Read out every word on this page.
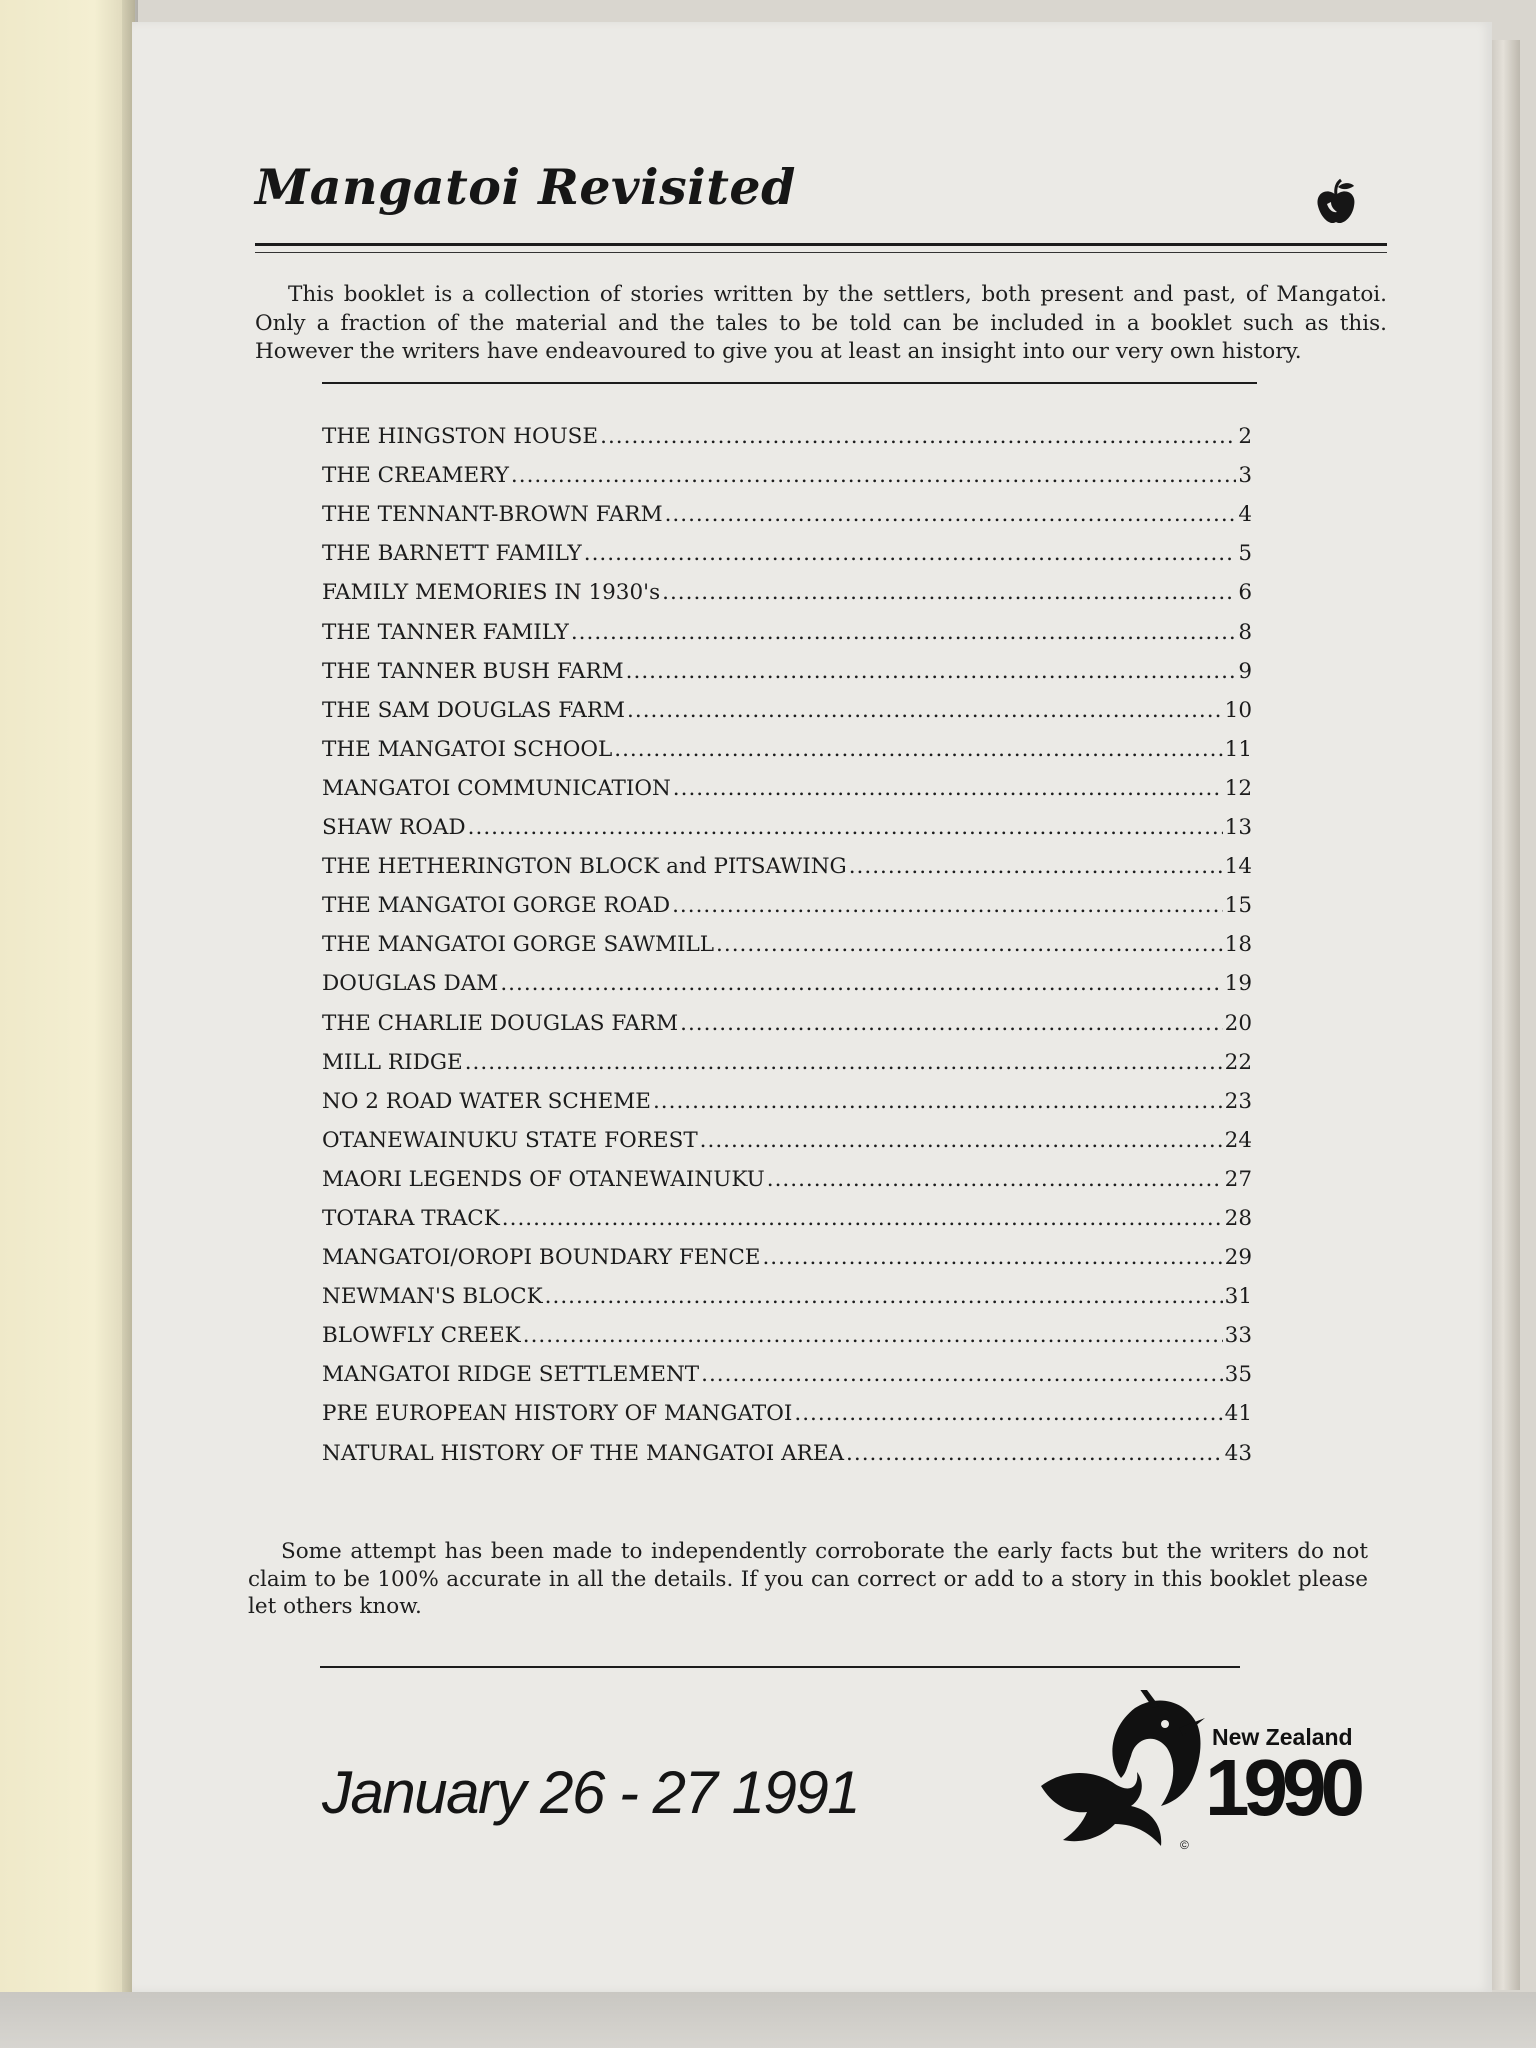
Mangatoi Revisited

This booklet is a collection of stories written by the settlers, both present and past, of Mangatoi. Only a fraction of the material and the tales to be told can be included in a booklet such as this. However the writers have endeavoured to give you at least an insight into our very own history.

THE HINGSTON HOUSE .....	2
THE CREAMERY .....	3
THE TENNANT-BROWN FARM .....	4
THE BARNETT FAMILY .....	5
FAMILY MEMORIES IN 1930's .....	6
THE TANNER FAMILY .....	8
THE TANNER BUSH FARM .....	9
THE SAM DOUGLAS FARM .....	10
THE MANGATOI SCHOOL .....	11
MANGATOI COMMUNICATION .....	12
SHAW ROAD .....	13
THE HETHERINGTON BLOCK and PITSAWING .....	14
THE MANGATOI GORGE ROAD .....	15
THE MANGATOI GORGE SAWMILL .....	18
DOUGLAS DAM .....	19
THE CHARLIE DOUGLAS FARM .....	20
MILL RIDGE .....	22
NO 2 ROAD WATER SCHEME .....	23
OTANEWAINUKU STATE FOREST .....	24
MAORI LEGENDS OF OTANEWAINUKU .....	27
TOTARA TRACK .....	28
MANGATOI/OROPI BOUNDARY FENCE .....	29
NEWMAN'S BLOCK .....	31
BLOWFLY CREEK .....	33
MANGATOI RIDGE SETTLEMENT .....	35
PRE EUROPEAN HISTORY OF MANGATOI .....	41
NATURAL HISTORY OF THE MANGATOI AREA .....	43

Some attempt has been made to independently corroborate the early facts but the writers do not claim to be 100% accurate in all the details. If you can correct or add to a story in this booklet please let others know.

January 26 - 27 1991
New Zealand
1990
©
